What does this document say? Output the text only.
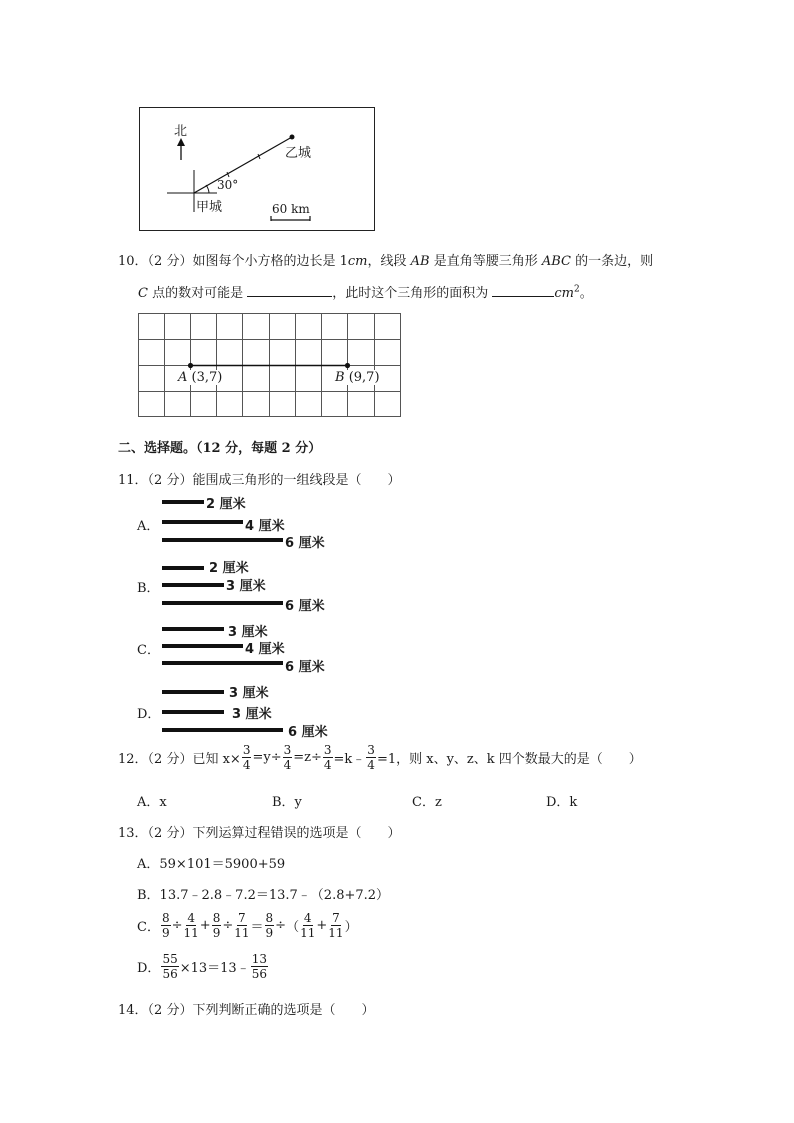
北
乙城
30°
甲城	60 km
10．（2 分）如图每个小方格的边长是 1cm，线段 AB 是直角等腰三角形 ABC 的一条边，则
C 点的数对可能是	，此时这个三角形的面积为	$cm^2$。
A (3,7)	B (9,7)
二、选择题。（12 分，每题 2 分）
11．（2 分）能围成三角形的一组线段是（　　）
A．
2 厘米
4 厘米
6 厘米
B．
2 厘米
3 厘米
6 厘米
C．
3 厘米
4 厘米
6 厘米
D．
3 厘米
3 厘米
6 厘米
12．（2 分）已知 $x\times \frac{3}{4} =y\div \frac{3}{4} =z\div \frac{3}{4}$ =k﹣ $\frac{3}{4} =1$，则 x、y、z、k 四个数最大的是（　　）
A．x	B．y	C．z	D．k
13．（2 分）下列运算过程错误的选项是（　　）
A．59×101＝5900+59
B．13.7﹣2.8﹣7.2＝13.7﹣（2.8+7.2）
C． $\frac{8}{9} \div \frac{4}{11} + \frac{8}{9} \div \frac{7}{11} = \frac{8}{9}$ ÷ （ $\frac{4}{11} + \frac{7}{11}$ ）
D． $\frac{55}{56}$ ×13＝13﹣ $\frac{13}{56}$
14．（2 分）下列判断正确的选项是（　　）
